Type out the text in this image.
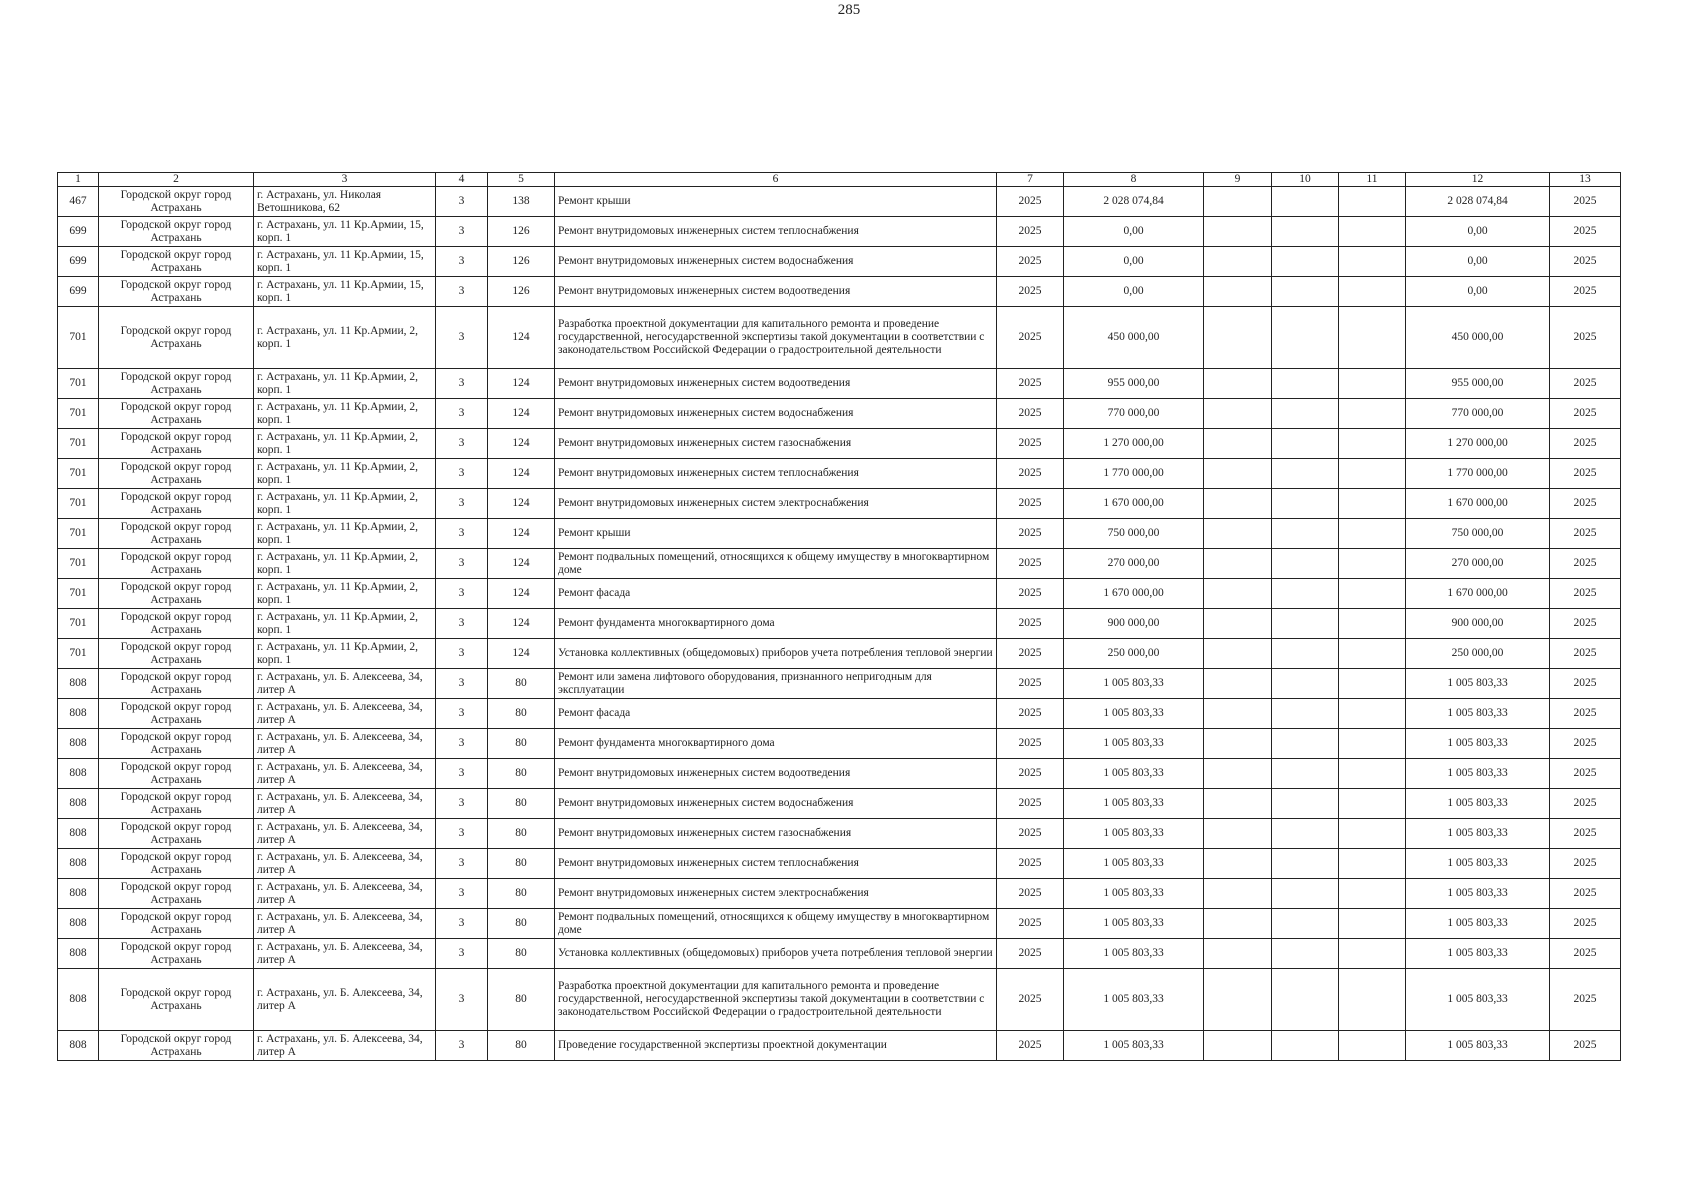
285
1	2	3	4	5	6	7	8	9	10	11	12	13
467	Городской округ город Астрахань	г. Астрахань, ул. Николая Ветошникова, 62	3	138	Ремонт крыши	2025	2 028 074,84				2 028 074,84	2025
699	Городской округ город Астрахань	г. Астрахань, ул. 11 Кр.Армии, 15, корп. 1	3	126	Ремонт внутридомовых инженерных систем теплоснабжения	2025	0,00				0,00	2025
699	Городской округ город Астрахань	г. Астрахань, ул. 11 Кр.Армии, 15, корп. 1	3	126	Ремонт внутридомовых инженерных систем водоснабжения	2025	0,00				0,00	2025
699	Городской округ город Астрахань	г. Астрахань, ул. 11 Кр.Армии, 15, корп. 1	3	126	Ремонт внутридомовых инженерных систем водоотведения	2025	0,00				0,00	2025
701	Городской округ город Астрахань	г. Астрахань, ул. 11 Кр.Армии, 2, корп. 1	3	124	Разработка проектной документации для капитального ремонта и проведение государственной, негосударственной экспертизы такой документации в соответствии с законодательством Российской Федерации о градостроительной деятельности	2025	450 000,00				450 000,00	2025
701	Городской округ город Астрахань	г. Астрахань, ул. 11 Кр.Армии, 2, корп. 1	3	124	Ремонт внутридомовых инженерных систем водоотведения	2025	955 000,00				955 000,00	2025
701	Городской округ город Астрахань	г. Астрахань, ул. 11 Кр.Армии, 2, корп. 1	3	124	Ремонт внутридомовых инженерных систем водоснабжения	2025	770 000,00				770 000,00	2025
701	Городской округ город Астрахань	г. Астрахань, ул. 11 Кр.Армии, 2, корп. 1	3	124	Ремонт внутридомовых инженерных систем газоснабжения	2025	1 270 000,00				1 270 000,00	2025
701	Городской округ город Астрахань	г. Астрахань, ул. 11 Кр.Армии, 2, корп. 1	3	124	Ремонт внутридомовых инженерных систем теплоснабжения	2025	1 770 000,00				1 770 000,00	2025
701	Городской округ город Астрахань	г. Астрахань, ул. 11 Кр.Армии, 2, корп. 1	3	124	Ремонт внутридомовых инженерных систем электроснабжения	2025	1 670 000,00				1 670 000,00	2025
701	Городской округ город Астрахань	г. Астрахань, ул. 11 Кр.Армии, 2, корп. 1	3	124	Ремонт крыши	2025	750 000,00				750 000,00	2025
701	Городской округ город Астрахань	г. Астрахань, ул. 11 Кр.Армии, 2, корп. 1	3	124	Ремонт подвальных помещений, относящихся к общему имуществу в многоквартирном доме	2025	270 000,00				270 000,00	2025
701	Городской округ город Астрахань	г. Астрахань, ул. 11 Кр.Армии, 2, корп. 1	3	124	Ремонт фасада	2025	1 670 000,00				1 670 000,00	2025
701	Городской округ город Астрахань	г. Астрахань, ул. 11 Кр.Армии, 2, корп. 1	3	124	Ремонт фундамента многоквартирного дома	2025	900 000,00				900 000,00	2025
701	Городской округ город Астрахань	г. Астрахань, ул. 11 Кр.Армии, 2, корп. 1	3	124	Установка коллективных (общедомовых) приборов учета потребления тепловой энергии	2025	250 000,00				250 000,00	2025
808	Городской округ город Астрахань	г. Астрахань, ул. Б. Алексеева, 34, литер А	3	80	Ремонт или замена лифтового оборудования, признанного непригодным для эксплуатации	2025	1 005 803,33				1 005 803,33	2025
808	Городской округ город Астрахань	г. Астрахань, ул. Б. Алексеева, 34, литер А	3	80	Ремонт фасада	2025	1 005 803,33				1 005 803,33	2025
808	Городской округ город Астрахань	г. Астрахань, ул. Б. Алексеева, 34, литер А	3	80	Ремонт фундамента многоквартирного дома	2025	1 005 803,33				1 005 803,33	2025
808	Городской округ город Астрахань	г. Астрахань, ул. Б. Алексеева, 34, литер А	3	80	Ремонт внутридомовых инженерных систем водоотведения	2025	1 005 803,33				1 005 803,33	2025
808	Городской округ город Астрахань	г. Астрахань, ул. Б. Алексеева, 34, литер А	3	80	Ремонт внутридомовых инженерных систем водоснабжения	2025	1 005 803,33				1 005 803,33	2025
808	Городской округ город Астрахань	г. Астрахань, ул. Б. Алексеева, 34, литер А	3	80	Ремонт внутридомовых инженерных систем газоснабжения	2025	1 005 803,33				1 005 803,33	2025
808	Городской округ город Астрахань	г. Астрахань, ул. Б. Алексеева, 34, литер А	3	80	Ремонт внутридомовых инженерных систем теплоснабжения	2025	1 005 803,33				1 005 803,33	2025
808	Городской округ город Астрахань	г. Астрахань, ул. Б. Алексеева, 34, литер А	3	80	Ремонт внутридомовых инженерных систем электроснабжения	2025	1 005 803,33				1 005 803,33	2025
808	Городской округ город Астрахань	г. Астрахань, ул. Б. Алексеева, 34, литер А	3	80	Ремонт подвальных помещений, относящихся к общему имуществу в многоквартирном доме	2025	1 005 803,33				1 005 803,33	2025
808	Городской округ город Астрахань	г. Астрахань, ул. Б. Алексеева, 34, литер А	3	80	Установка коллективных (общедомовых) приборов учета потребления тепловой энергии	2025	1 005 803,33				1 005 803,33	2025
808	Городской округ город Астрахань	г. Астрахань, ул. Б. Алексеева, 34, литер А	3	80	Разработка проектной документации для капитального ремонта и проведение государственной, негосударственной экспертизы такой документации в соответствии с законодательством Российской Федерации о градостроительной деятельности	2025	1 005 803,33				1 005 803,33	2025
808	Городской округ город Астрахань	г. Астрахань, ул. Б. Алексеева, 34, литер А	3	80	Проведение государственной экспертизы проектной документации	2025	1 005 803,33				1 005 803,33	2025
